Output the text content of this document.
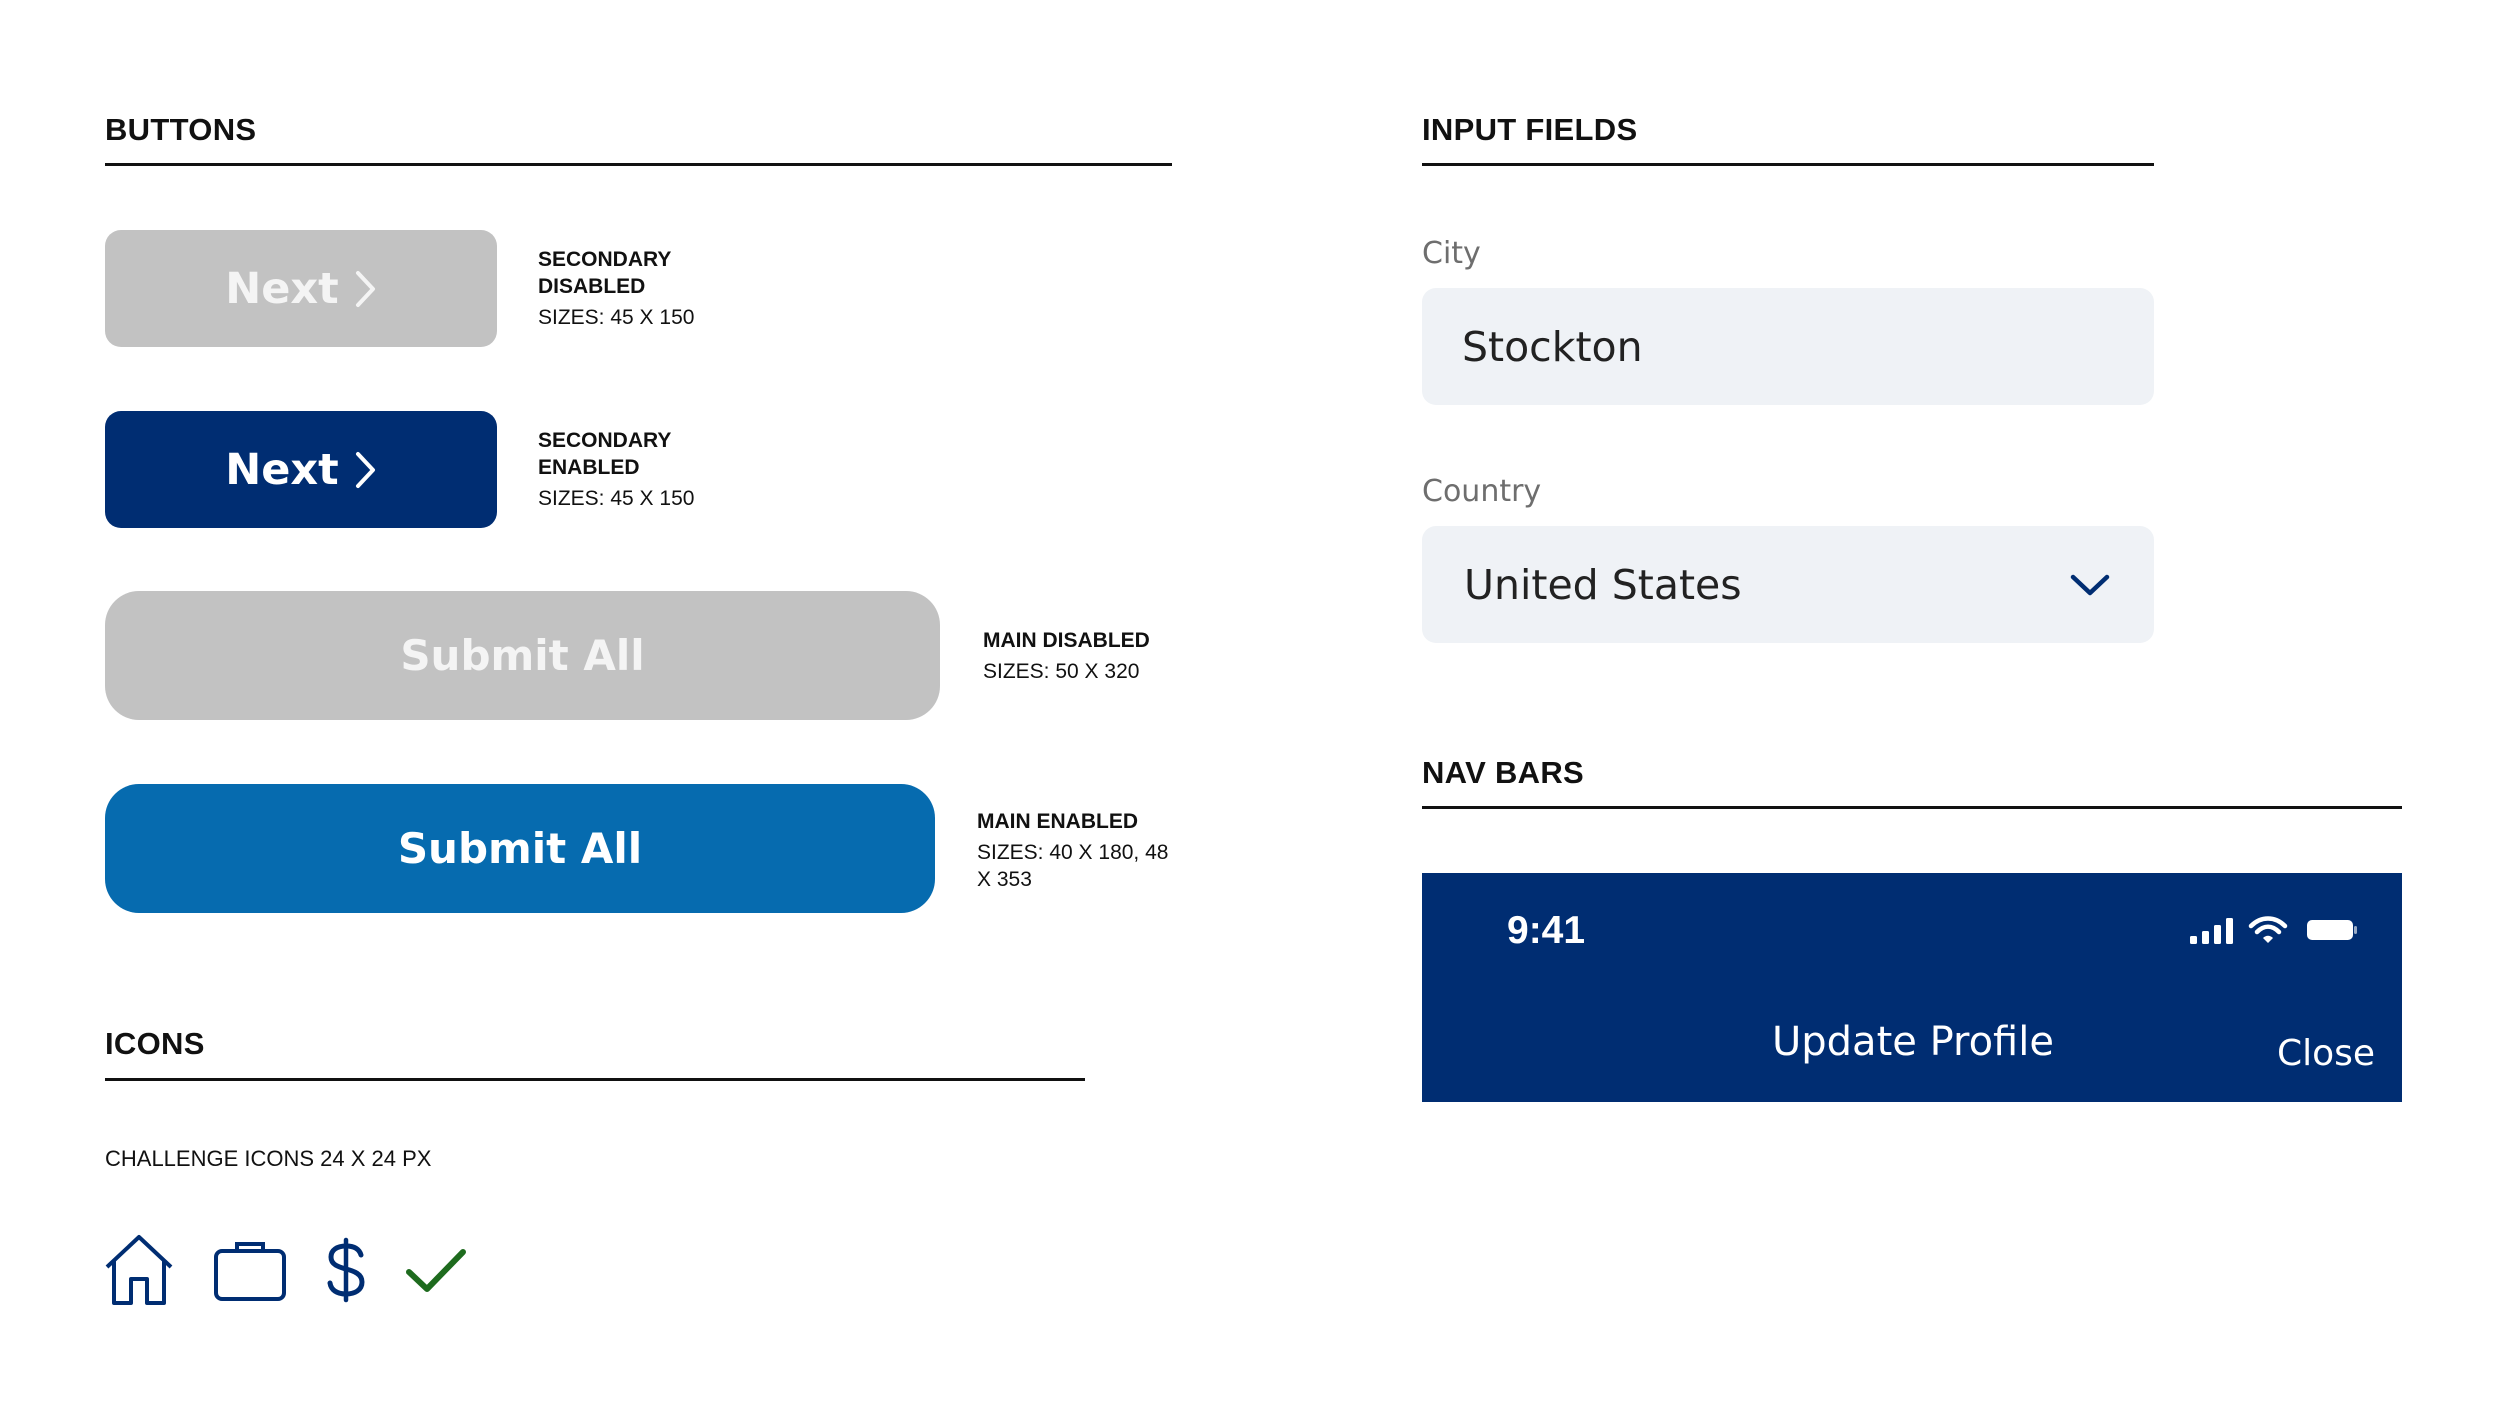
BUTTONS
Next
SECONDARY DISABLED
SIZES: 45 X 150
Next
SECONDARY ENABLED
SIZES: 45 X 150
Submit All	MAIN DISABLED
SIZES: 50 X 320
Submit All
MAIN ENABLED
SIZES: 40 X 180, 48 X 353
ICONS
CHALLENGE ICONS 24 X 24 PX
INPUT FIELDS
City
Stockton
Country
United States
NAV BARS
9:41
Update Profile	Close
